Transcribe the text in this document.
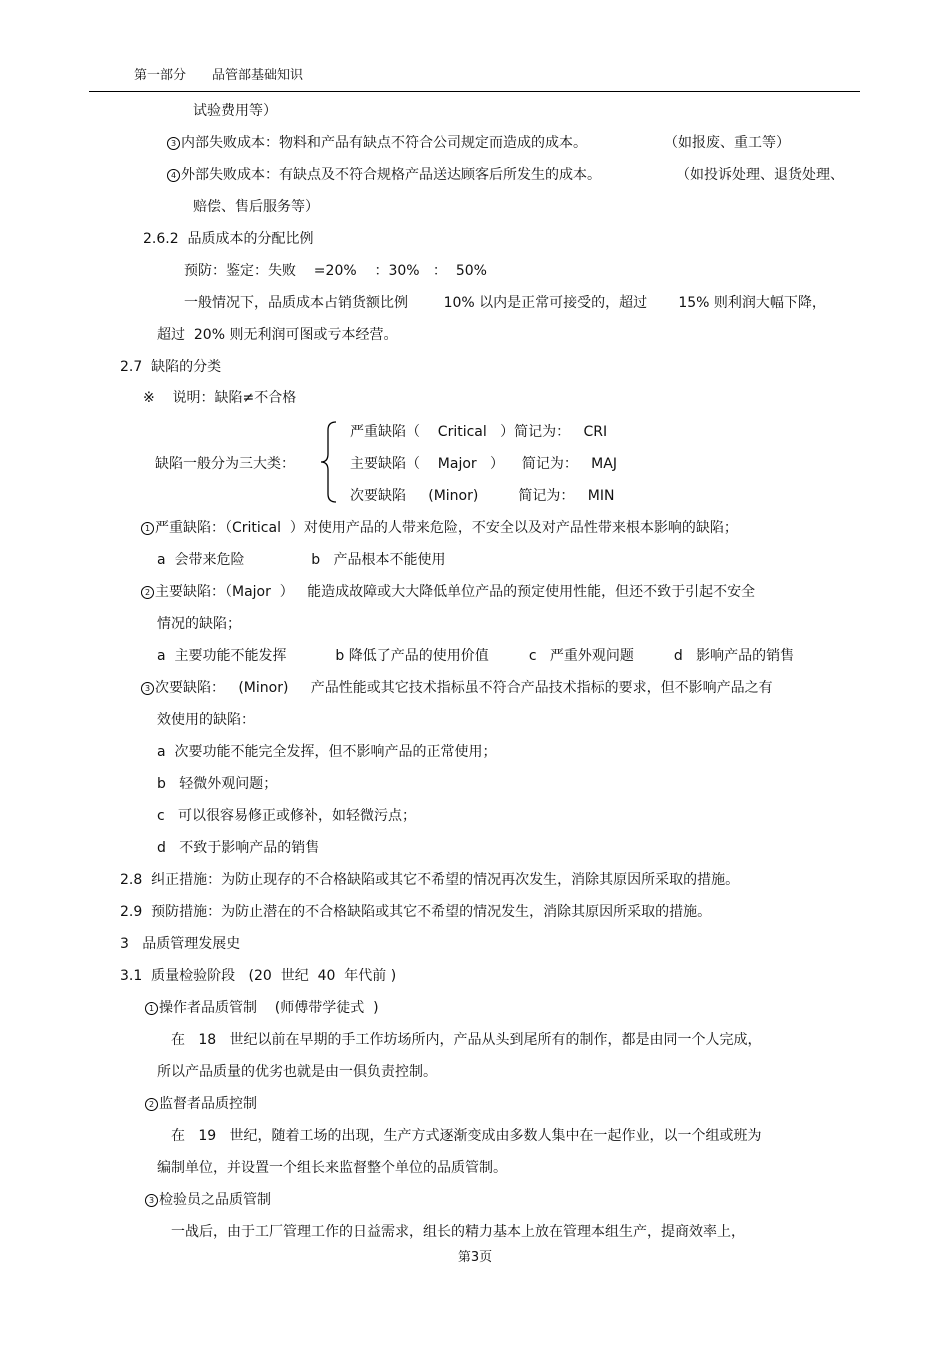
第一部分 品管部基础知识
试验费用等）
3 内部失败成本：物料和产品有缺点不符合公司规定而造成的成本。	（如报废、重工等）
4 外部失败成本：有缺点及不符合规格产品送达顾客后所发生的成本。	（如投诉处理、退货处理、
赔偿、售后服务等）
2.6.2  品质成本的分配比例
预防：鉴定：失败    =20%    ：30%   ：  50%
一般情况下，品质成本占销货额比例        10% 以内是正常可接受的，超过       15% 则利润大幅下降，
超过  20% 则无利润可图或亏本经营。
2.7  缺陷的分类
※    说明：缺陷≠不合格
严重缺陷（    Critical   ）简记为：   CRI
缺陷一般分为三大类：	主要缺陷（    Major   ）    简记为：   MAJ
次要缺陷     (Minor)         简记为：   MIN
1 严重缺陷：（Critical  ）对使用产品的人带来危险，不安全以及对产品性带来根本影响的缺陷；
a  会带来危险               b   产品根本不能使用
2 主要缺陷：（Major  ）   能造成故障或大大降低单位产品的预定使用性能，但还不致于引起不安全
情况的缺陷；
a  主要功能不能发挥           b 降低了产品的使用价值         c   严重外观问题         d   影响产品的销售
3 次要缺陷：   (Minor)     产品性能或其它技术指标虽不符合产品技术指标的要求，但不影响产品之有
效使用的缺陷：
a  次要功能不能完全发挥，但不影响产品的正常使用；
b   轻微外观问题；
c   可以很容易修正或修补，如轻微污点；
d   不致于影响产品的销售
2.8  纠正措施：为防止现存的不合格缺陷或其它不希望的情况再次发生，消除其原因所采取的措施。
2.9  预防措施：为防止潜在的不合格缺陷或其它不希望的情况发生，消除其原因所采取的措施。
3   品质管理发展史
3.1  质量检验阶段   (20  世纪  40  年代前 )
1 操作者品质管制    (师傅带学徒式  )
在   18   世纪以前在早期的手工作坊场所内，产品从头到尾所有的制作，都是由同一个人完成，
所以产品质量的优劣也就是由一俱负责控制。
2 监督者品质控制
在   19   世纪，随着工场的出现，生产方式逐渐变成由多数人集中在一起作业，以一个组或班为
编制单位，并设置一个组长来监督整个单位的品质管制。
3 检验员之品质管制
一战后，由于工厂管理工作的日益需求，组长的精力基本上放在管理本组生产，提商效率上，
第3页
